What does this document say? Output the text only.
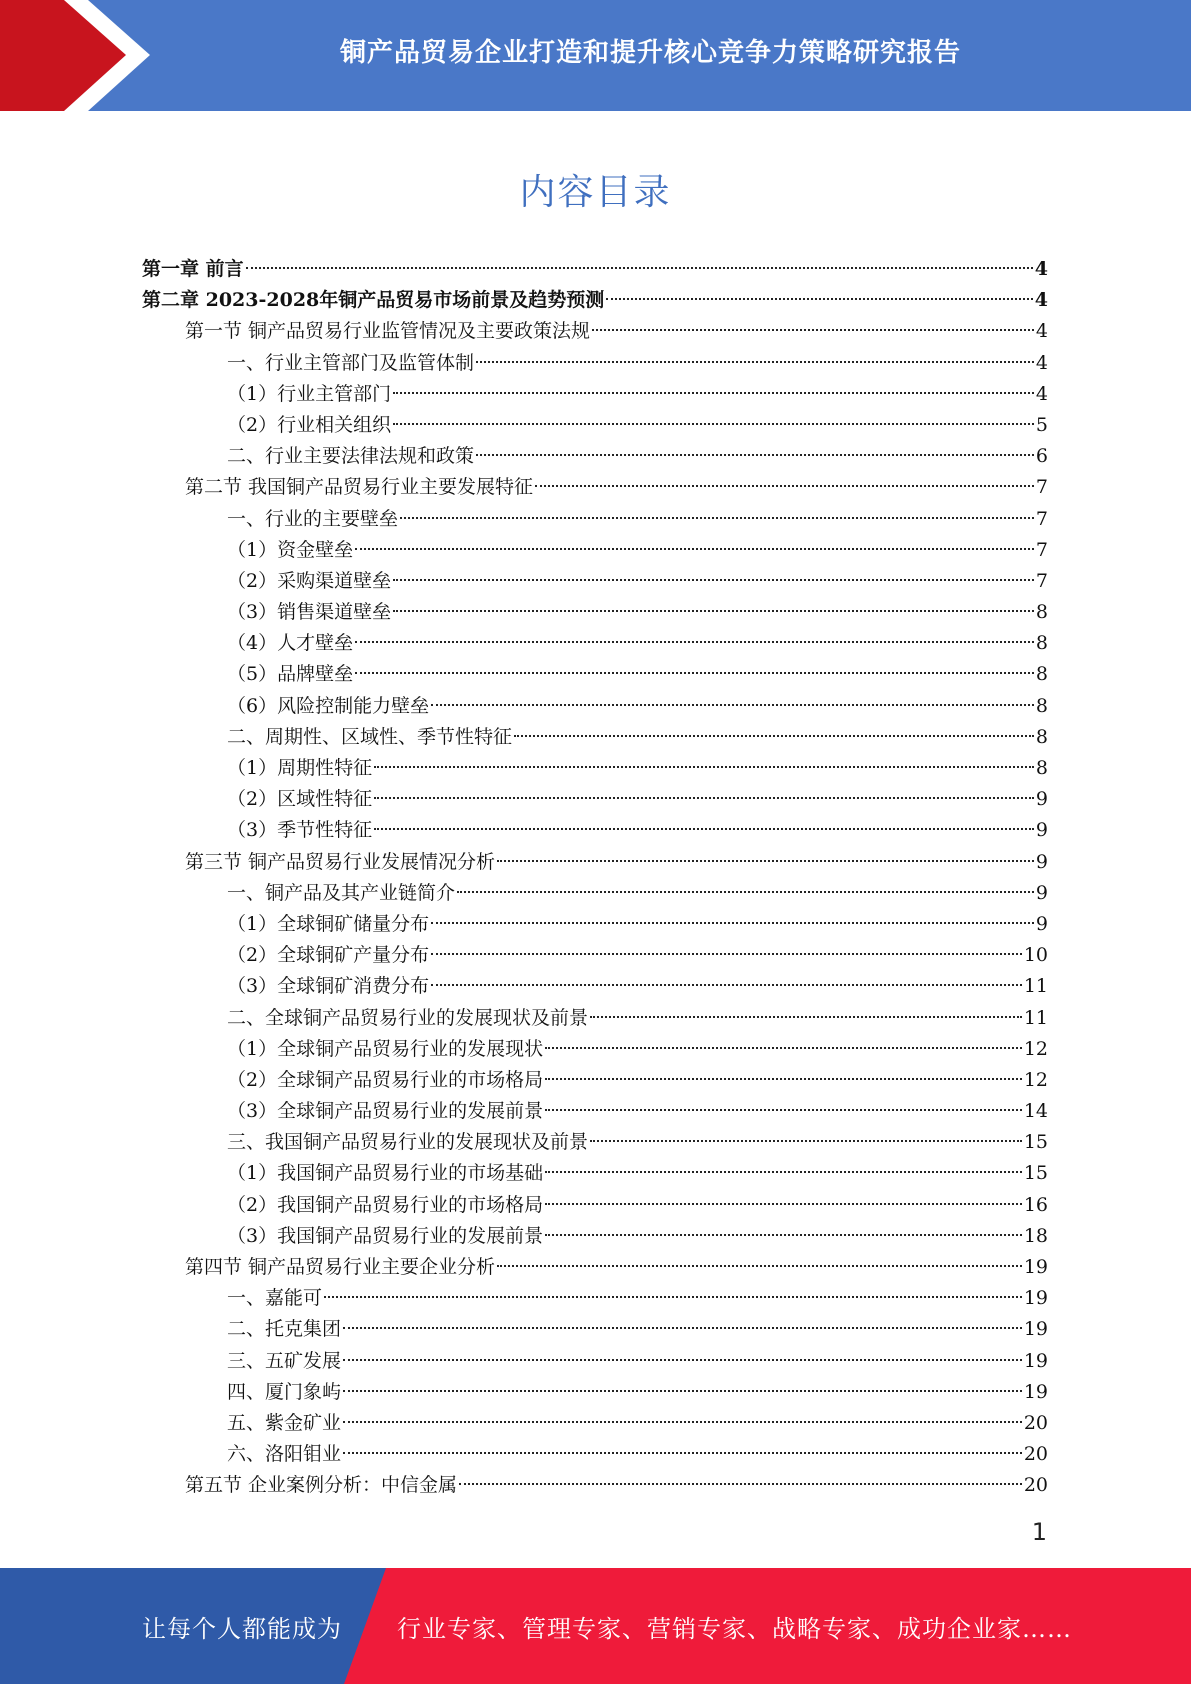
铜产品贸易企业打造和提升核心竞争力策略研究报告
内容目录
第一章 前言	4
第二章 2023-2028年铜产品贸易市场前景及趋势预测	4
第一节 铜产品贸易行业监管情况及主要政策法规	4
一、行业主管部门及监管体制	4
（1）行业主管部门	4
（2）行业相关组织	5
二、行业主要法律法规和政策	6
第二节 我国铜产品贸易行业主要发展特征	7
一、行业的主要壁垒	7
（1）资金壁垒	7
（2）采购渠道壁垒	7
（3）销售渠道壁垒	8
（4）人才壁垒	8
（5）品牌壁垒	8
（6）风险控制能力壁垒	8
二、周期性、区域性、季节性特征	8
（1）周期性特征	8
（2）区域性特征	9
（3）季节性特征	9
第三节 铜产品贸易行业发展情况分析	9
一、铜产品及其产业链简介	9
（1）全球铜矿储量分布	9
（2）全球铜矿产量分布	10
（3）全球铜矿消费分布	11
二、全球铜产品贸易行业的发展现状及前景	11
（1）全球铜产品贸易行业的发展现状	12
（2）全球铜产品贸易行业的市场格局	12
（3）全球铜产品贸易行业的发展前景	14
三、我国铜产品贸易行业的发展现状及前景	15
（1）我国铜产品贸易行业的市场基础	15
（2）我国铜产品贸易行业的市场格局	16
（3）我国铜产品贸易行业的发展前景	18
第四节 铜产品贸易行业主要企业分析	19
一、嘉能可	19
二、托克集团	19
三、五矿发展	19
四、厦门象屿	19
五、紫金矿业	20
六、洛阳钼业	20
第五节 企业案例分析：中信金属	20
1
让每个人都能成为 行业专家、管理专家、营销专家、战略专家、成功企业家……
